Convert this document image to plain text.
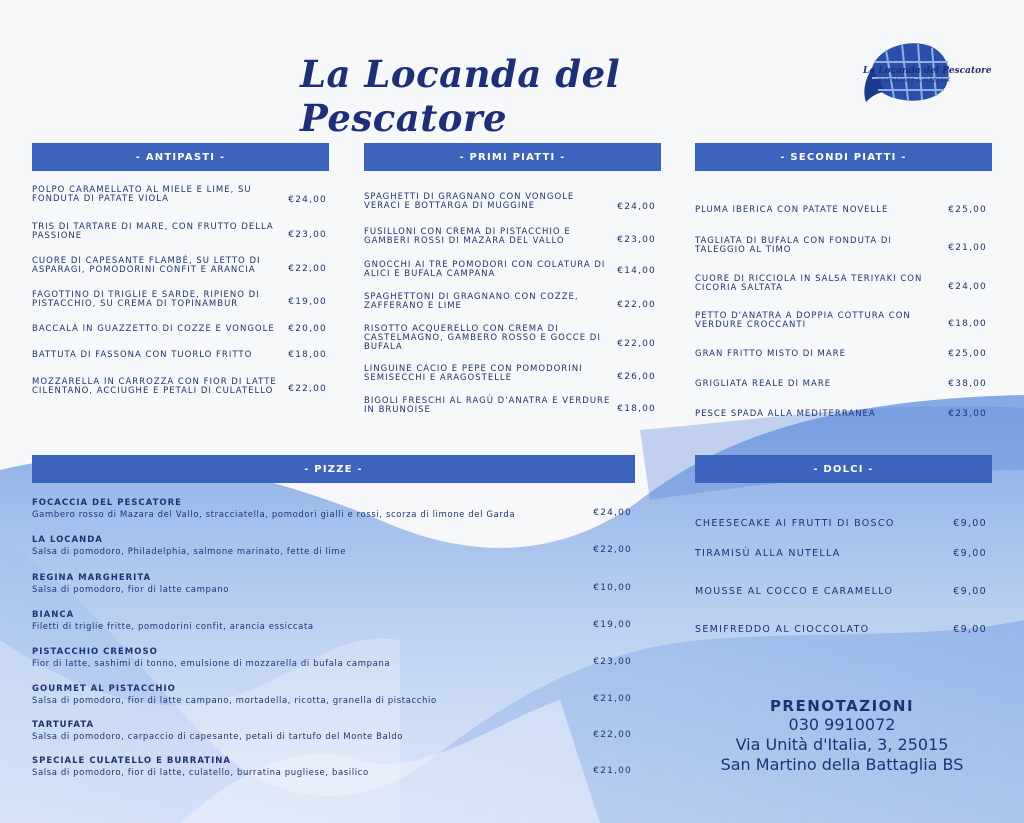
La Locanda del Pescatore
La Locanda del Pescatore
RISTORANTE & PIZZERIA
- ANTIPASTI -
POLPO CARAMELLATO AL MIELE E LIME, SU FONDUTA DI PATATE VIOLA	€24,00
TRIS DI TARTARE DI MARE, CON FRUTTO DELLA PASSIONE	€23,00
CUORE DI CAPESANTE FLAMBÉ, SU LETTO DI ASPARAGI, POMODORINI CONFIT E ARANCIA	€22,00
FAGOTTINO DI TRIGLIE E SARDE, RIPIENO DI PISTACCHIO, SU CREMA DI TOPINAMBUR	€19,00
BACCALÀ IN GUAZZETTO DI COZZE E VONGOLE	€20,00
BATTUTA DI FASSONA CON TUORLO FRITTO	€18,00
MOZZARELLA IN CARROZZA CON FIOR DI LATTE CILENTANO, ACCIUGHE E PETALI DI CULATELLO	€22,00
- PRIMI PIATTI -
SPAGHETTI DI GRAGNANO CON VONGOLE VERACI E BOTTARGA DI MUGGINE	€24,00
FUSILLONI CON CREMA DI PISTACCHIO E GAMBERI ROSSI DI MAZARA DEL VALLO	€23,00
GNOCCHI AI TRE POMODORI CON COLATURA DI ALICI E BUFALA CAMPANA	€14,00
SPAGHETTONI DI GRAGNANO CON COZZE, ZAFFERANO E LIME	€22,00
RISOTTO ACQUERELLO CON CREMA DI CASTELMAGNO, GAMBERO ROSSO E GOCCE DI BUFALA	€22,00
LINGUINE CACIO E PEPE CON POMODORINI SEMISECCHI E ARAGOSTELLE	€26,00
BIGOLI FRESCHI AL RAGÙ D'ANATRA E VERDURE IN BRUNOISE	€18,00
- SECONDI PIATTI -
PLUMA IBERICA CON PATATE NOVELLE	€25,00
TAGLIATA DI BUFALA CON FONDUTA DI TALEGGIO AL TIMO	€21,00
CUORE DI RICCIOLA IN SALSA TERIYAKI CON CICORIA SALTATA	€24,00
PETTO D'ANATRA A DOPPIA COTTURA CON VERDURE CROCCANTI	€18,00
GRAN FRITTO MISTO DI MARE	€25,00
GRIGLIATA REALE DI MARE	€38,00
PESCE SPADA ALLA MEDITERRANEA	€23,00
- PIZZE -
FOCACCIA DEL PESCATORE
Gambero rosso di Mazara del Vallo, stracciatella, pomodori gialli e rossi, scorza di limone del Garda	€24,00
LA LOCANDA
Salsa di pomodoro, Philadelphia, salmone marinato, fette di lime	€22,00
REGINA MARGHERITA
Salsa di pomodoro, fior di latte campano	€10,00
BIANCA
Filetti di triglie fritte, pomodorini confit, arancia essiccata	€19,00
PISTACCHIO CREMOSO
Fior di latte, sashimi di tonno, emulsione di mozzarella di bufala campana	€23,00
GOURMET AL PISTACCHIO
Salsa di pomodoro, fior di latte campano, mortadella, ricotta, granella di pistacchio	€21,00
TARTUFATA
Salsa di pomodoro, carpaccio di capesante, petali di tartufo del Monte Baldo	€22,00
SPECIALE CULATELLO E BURRATINA
Salsa di pomodoro, fior di latte, culatello, burratina pugliese, basilico	€21,00
- DOLCI -
CHEESECAKE AI FRUTTI DI BOSCO	€9,00
TIRAMISÙ ALLA NUTELLA	€9,00
MOUSSE AL COCCO E CARAMELLO	€9,00
SEMIFREDDO AL CIOCCOLATO	€9,00
PRENOTAZIONI
030 9910072
Via Unità d'Italia, 3, 25015
San Martino della Battaglia BS
